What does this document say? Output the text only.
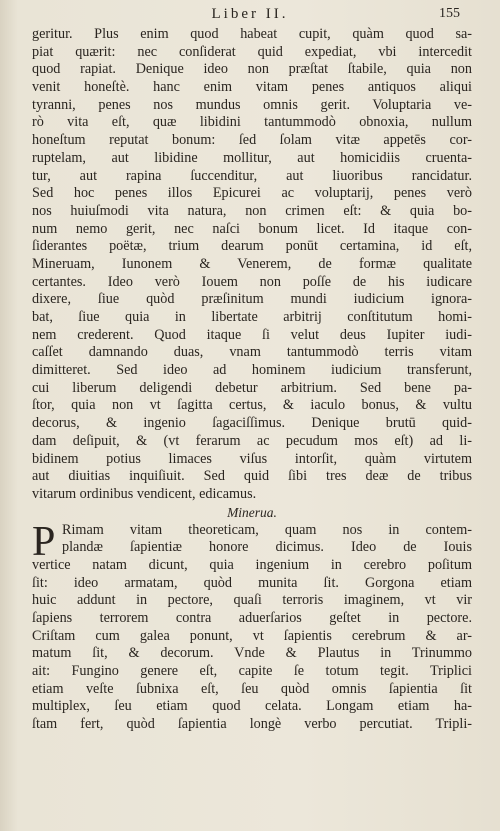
Liber II.	155
geritur. Plus enim quod habeat cupit, quàm quod sa-
piat quærit: nec conſiderat quid expediat, vbi intercedit
quod rapiat. Denique ideo non præſtat ſtabile, quia non
venit honeſtè. hanc enim vitam penes antiquos aliqui
tyranni, penes nos mundus omnis gerit. Voluptaria ve-
rò vita eſt, quæ libidini tantummodò obnoxia, nullum
honeſtum reputat bonum: ſed ſolam vitæ appetēs cor-
ruptelam, aut libidine mollitur, aut homicidiis cruenta-
tur, aut rapina ſuccenditur, aut liuoribus rancidatur.
Sed hoc penes illos Epicurei ac voluptarij, penes verò
nos huiuſmodi vita natura, non crimen eſt: & quia bo-
num nemo gerit, nec naſci bonum licet. Id itaque con-
ſiderantes poëtæ, trium dearum ponūt certamina, id eſt,
Mineruam, Iunonem & Venerem, de formæ qualitate
certantes. Ideo verò Iouem non poſſe de his iudicare
dixere, ſiue quòd præſinitum mundi iudicium ignora-
bat, ſiue quia in libertate arbitrij conſtitutum homi-
nem crederent. Quod itaque ſi velut deus Iupiter iudi-
caſſet damnando duas, vnam tantummodò terris vitam
dimitteret. Sed ideo ad hominem iudicium transferunt,
cui liberum deligendi debetur arbitrium. Sed bene pa-
ſtor, quia non vt ſagitta certus, & iaculo bonus, & vultu
decorus, & ingenio ſagaciſſimus. Denique brutū quid-
dam deſipuit, & (vt ferarum ac pecudum mos eſt) ad li-
bidinem potius limaces viſus intorſit, quàm virtutem
aut diuitias inquiſiuit. Sed quid ſibi tres deæ de tribus
vitarum ordinibus vendicent, edicamus.
Minerua.
P Rimam vitam theoreticam, quam nos in contem-
plandæ ſapientiæ honore dicimus. Ideo de Iouis
vertice natam dicunt, quia ingenium in cerebro poſitum
ſit: ideo armatam, quòd munita ſit. Gorgona etiam
huic addunt in pectore, quaſi terroris imaginem, vt vir
ſapiens terrorem contra aduerſarios geſtet in pectore.
Criſtam cum galea ponunt, vt ſapientis cerebrum & ar-
matum ſit, & decorum. Vnde & Plautus in Trinummo
ait: Fungino genere eſt, capite ſe totum tegit. Triplici
etiam veſte ſubnixa eſt, ſeu quòd omnis ſapientia ſit
multiplex, ſeu etiam quod celata. Longam etiam ha-
ſtam fert, quòd ſapientia longè verbo percutiat. Tripli-
